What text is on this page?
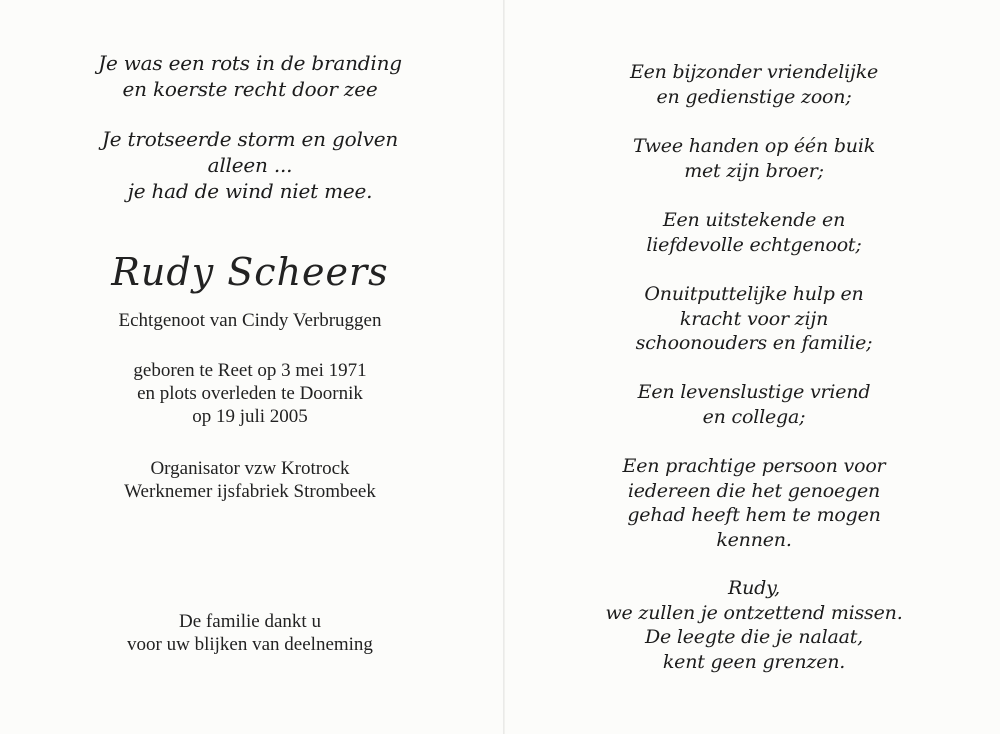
Je was een rots in de branding
en koerste recht door zee
Je trotseerde storm en golven
alleen ...
je had de wind niet mee.
Rudy Scheers

Echtgenoot van Cindy Verbruggen

geboren te Reet op 3 mei 1971
en plots overleden te Doornik
op 19 juli 2005
Organisator vzw Krotrock
Werknemer ijsfabriek Strombeek
De familie dankt u
voor uw blijken van deelneming
Een bijzonder vriendelijke
en gedienstige zoon;
Twee handen op één buik
met zijn broer;
Een uitstekende en
liefdevolle echtgenoot;
Onuitputtelijke hulp en
kracht voor zijn
schoonouders en familie;
Een levenslustige vriend
en collega;
Een prachtige persoon voor
iedereen die het genoegen
gehad heeft hem te mogen
kennen.
Rudy,
we zullen je ontzettend missen.
De leegte die je nalaat,
kent geen grenzen.
